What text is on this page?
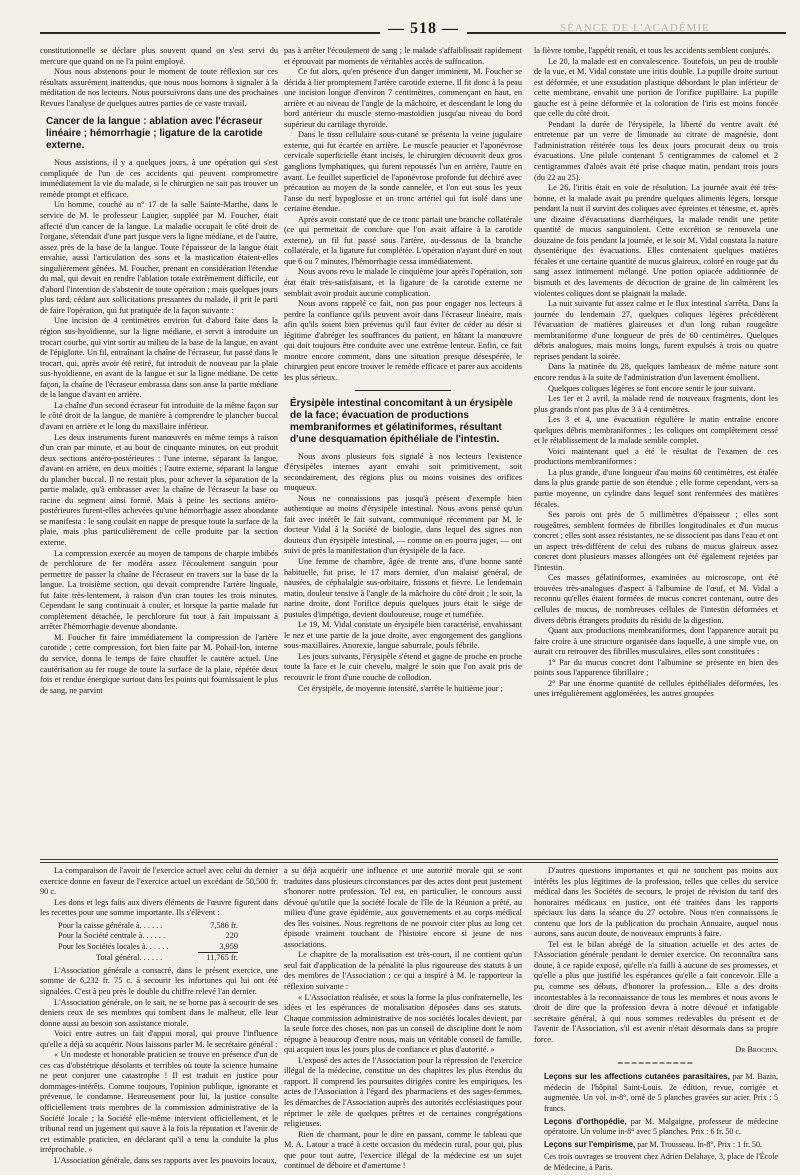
— 518 —	SÉANCE DE L'ACADÉMIE

constitutionnelle se déclare plus souvent quand on s'est servi du mercure que quand on ne l'a point employé.

Nous nous abstenons pour le moment de toute réflexion sur ces résultats assurément inattendus, que nous nous bornons à signaler à la méditation de nos lecteurs. Nous poursuivrons dans une des prochaines Revues l'analyse de quelques autres parties de ce vaste travail.

Cancer de la langue : ablation avec l'écraseur linéaire ; hémorrhagie ; ligature de la carotide externe.

Nous assistions, il y a quelques jours, à une opération qui s'est compliquée de l'un de ces accidents qui peuvent compromettre immédiatement la vie du malade, si le chirurgien ne sait pas trouver un remède prompt et efficace.

Un homme, couché au n° 17 de la salle Sainte-Marthe, dans le service de M. le professeur Laugier, suppléé par M. Foucher, était affecté d'un cancer de la langue. La maladie occupait le côté droit de l'organe, s'étendait d'une part jusque vers la ligne médiane, et de l'autre, assez près de la base de la langue. Toute l'épaisseur de la langue était envahie, aussi l'articulation des sons et la mastication étaient-elles singulièrement gênées. M. Foucher, prenant en considération l'étendue du mal, qui devait en rendre l'ablation totale extrêmement difficile, eut d'abord l'intention de s'abstenir de toute opération ; mais quelques jours plus tard, cédant aux sollicitations pressantes du malade, il prit le parti de faire l'opération, qui fut pratiquée de la façon suivante :

Une incision de 4 centimètres environ fut d'abord faite dans la région sus-hyoïdienne, sur la ligne médiane, et servit à introduire un trocart courbe, qui vint sortir au milieu de la base de la langue, en avant de l'épiglotte. Un fil, entraînant la chaîne de l'écraseur, fut passé dans le trocart, qui, après avoir été retiré, fut introduit de nouveau par la plaie sus-hyoïdienne, en avant de la langue et sur la ligne médiane. De cette façon, la chaîne de l'écraseur embrassa dans son anse la partie médiane de la langue d'avant en arrière.

La chaîne d'un second écraseur fut introduite de la même façon sur le côté droit de la langue, de manière à comprendre le plancher buccal d'avant en arrière et le long du maxillaire inférieur.

Les deux instruments furent manœuvrés en même temps à raison d'un cran par minute, et au bout de cinquante minutes, on eut produit deux sections antéro-postérieures : l'une interne, séparant la langue, d'avant en arrière, en deux moitiés ; l'autre externe, séparant la langue du plancher buccal. Il ne restait plus, pour achever la séparation de la partie malade, qu'à embrasser avec la chaîne de l'écraseur la base ou racine du segment ainsi formé. Mais à peine les sections antéro-postérieures furent-elles achevées qu'une hémorrhagie assez abondante se manifesta : le sang coulait en nappe de presque toute la surface de la plaie, mais plus particulièrement de celle produite par la section externe.

La compression exercée au moyen de tampons de charpie imbibés de perchlorure de fer modéra assez l'écoulement sanguin pour permettre de passer la chaîne de l'écraseur en travers sur la base de la langue. La troisième section, qui devait comprendre l'artère linguale, fut faite très-lentement, à raison d'un cran toutes les trois minutes. Cependant le sang continuait à couler, et lorsque la partie malade fut complètement détachée, le perchlorure fut tout à fait impuissant à arrêter l'hémorrhagie devenue abondante.

M. Foucher fit faire immédiatement la compression de l'artère carotide ; cette compression, fort bien faite par M. Pohail-lon, interne du service, donna le temps de faire chauffer le cautère actuel. Une cautérisation au fer rouge de toute la surface de la plaie, répétée deux fois et rendue énergique surtout dans les points qui fournissaient le plus de sang, ne parvint

pas à arrêter l'écoulement de sang ; le malade s'affaiblissait rapidement et éprouvait par moments de véritables accès de suffocation.

Ce fut alors, qu'en présence d'un danger imminent, M. Foucher se décida à lier promptement l'artère carotide externe. Il fit donc à la peau une incision longue d'environ 7 centimètres, commençant en haut, en arrière et au niveau de l'angle de la mâchoire, et descendant le long du bord antérieur du muscle sterno-mastoïdien jusqu'au niveau du bord supérieur du cartilage thyroïde.

Dans le tissu cellulaire sous-cutané se présenta la veine jugulaire externe, qui fut écartée en arrière. Le muscle peaucier et l'aponévrose cervicale superficielle étant incisés, le chirurgien découvrit deux gros ganglions lymphatiques, qui furent repoussés l'un en arrière, l'autre en avant. Le feuillet superficiel de l'aponévrose profonde fut déchiré avec précaution au moyen de la sonde cannelée, et l'on eut sous les yeux l'anse du nerf hypoglosse et un tronc artériel qui fut isolé dans une certaine étendue.

Après avoir constaté que de ce tronc partait une branche collatérale (ce qui permettait de conclure que l'on avait affaire à la carotide externe), un fil fut passé sous l'artère, au-dessous de la branche collatérale, et la ligature fut complétée. L'opération n'ayant duré en tout que 6 ou 7 minutes, l'hémorrhagie cessa immédiatement.

Nous avons revu le malade le cinquième jour après l'opération, son état était très-satisfaisant, et la ligature de la carotide externe ne semblait avoir produit aucune complication.

Nous avons rappelé ce fait, non pas pour engager nos lecteurs à perdre la confiance qu'ils peuvent avoir dans l'écraseur linéaire, mais afin qu'ils soient bien prévenus qu'il faut éviter de céder au désir si légitime d'abréger les souffrances du patient, en hâtant la manœuvre qui doit toujours être conduite avec une extrême lenteur. Enfin, ce fait montre encore comment, dans une situation presque désespérée, le chirurgien peut encore trouver le remède efficace et parer aux accidents les plus sérieux.

Érysipèle intestinal concomitant à un érysipèle de la face; évacuation de productions membraniformes et gélatiniformes, résultant d'une desquamation épithéliale de l'intestin.

Nous avons plusieurs fois signalé à nos lecteurs l'existence d'érysipèles internes ayant envahi soit primitivement, soit secondairement, des régions plus ou moins voisines des orifices muqueux.

Nous ne connaissions pas jusqu'à présent d'exemple bien authentique au moins d'érysipèle intestinal. Nous avons pensé qu'un fait avec intérêt le fait suivant, communiqué récemment par M. le docteur Vidal à la Société de biologie, dans lequel des signes non douteux d'un érysipèle intestinal, — comme on en pourra juger, — ont suivi de près la manifestation d'un érysipèle de la face.

Une femme de chambre, âgée de trente ans, d'une bonne santé habituelle, fut prise, le 17 mars dernier, d'un malaise général, de nausées, de céphalalgie sus-orbitaire, frissons et fièvre. Le lendemain matin, douleur tensive à l'angle de la mâchoire du côté droit ; le soir, la narine droite, dont l'orifice depuis quelques jours était le siége de pustules d'impétigo, devient douloureuse, rouge et tuméfiée.

Le 19, M. Vidal constate un érysipèle bien caractérisé, envahissant le nez et une partie de la joue droite, avec engorgement des ganglions sous-maxillaires. Anorexie, langue saburrale, pouls fébrile.

Les jours suivants, l'érysipèle s'étend et gagne de proche en proche toute la face et le cuir chevelu, malgré le soin que l'on avait pris de recouvrir le front d'une couche de collodion.

Cet érysipèle, de moyenne intensité, s'arrête le huitième jour ;

la fièvre tombe, l'appétit renaît, et tous les accidents semblent conjurés.

Le 20, la malade est en convalescence. Toutefois, un peu de trouble de la vue, et M. Vidal constate une iritis double. La pupille droite surtout est déformée, et une exsudation plastique débordant le plan inférieur de cette membrane, envahit une portion de l'orifice pupillaire. La pupille gauche est à peine déformée et la coloration de l'iris est moins foncée que celle du côté droit.

Pendant la durée de l'érysipèle, la liberté du ventre avait été entretenue par un verre de limonade au citrate de magnésie, dont l'administration réitérée tous les deux jours procurait deux ou trois évacuations. Une pilule contenant 5 centigrammes de calomel et 2 centigrammes d'aloès avait été prise chaque matin, pendant trois jours (du 22 au 25).

Le 26, l'iritis était en voie de résolution. La journée avait été très-bonne, et la malade avait pu prendre quelques aliments légers, lorsque pendant la nuit il survint des coliques avec épreintes et ténesme, et, après une dizaine d'évacuations diarrhéiques, la malade rendit une petite quantité de mucus sanguinolent. Cette excrétion se renouvela une douzaine de fois pendant la journée, et le soir M. Vidal constata la nature dysentérique des évacuations. Elles contenaient quelques matières fécales et une certaine quantité de mucus glaireux, coloré en rouge par du sang assez intimement mélangé. Une potion opiacée additionnée de bismuth et des lavements de décoction de graine de lin calmèrent les violentes coliques dont se plaignait la malade.

La nuit suivante fut assez calme et le flux intestinal s'arrêta. Dans la journée du lendemain 27, quelques coliques légères précédèrent l'évacuation de matières glaireuses et d'un long ruban rougeâtre membraniforme d'une longueur de près de 60 centimètres. Quelques débris analogues, mais moins longs, furent expulsés à trois ou quatre reprises pendant la soirée.

Dans la matinée du 28, quelques lambeaux de même nature sont encore rendus à la suite de l'administration d'un lavement émollient.

Quelques coliques légères se font encore sentir le jour suivant.

Les 1er et 2 avril, la malade rend de nouveaux fragments, dont les plus grands n'ont pas plus de 3 à 4 centimètres.

Les 3 et 4, une évacuation régulière le matin entraîne encore quelques débris membraniformes ; les coliques ont complètement cessé et le rétablissement de la malade semble complet.

Voici maintenant quel a été le résultat de l'examen de ces productions membraniformes :

La plus grande, d'une longueur d'au moins 60 centimètres, est étalée dans la plus grande partie de son étendue ; elle forme cependant, vers sa partie moyenne, un cylindre dans lequel sont renfermées des matières fécales.

Ses parois ont près de 5 millimètres d'épaisseur ; elles sont rougeâtres, semblent formées de fibrilles longitudinales et d'un mucus concret ; elles sont assez résistantes, ne se dissocient pas dans l'eau et ont un aspect très-différent de celui des rubans de mucus glaireux assez concret dont plusieurs masses allongées ont été également rejetées par l'intestin.

Ces masses gélatiniformes, examinées au microscope, ont été trouvées très-analogues d'aspect à l'albumine de l'œuf, et M. Vidal a reconnu qu'elles étaient formées de mucus concret contenant, outre des cellules de mucus, de nombreuses cellules de l'intestin déformées et divers débris étrangers produits du résidu de la digestion.

Quant aux productions membraniformes, dont l'apparence aurait pu faire croire à une structure organisée dans laquelle, à une simple vue, on aurait cru retrouver des fibrilles musculaires, elles sont constituées :

1° Par du mucus concret dont l'albumine se présente en bien des points sous l'apparence fibrillaire ;

2° Par une énorme quantité de cellules épithéliales déformées, les unes irrégulièrement agglomérées, les autres groupées

La comparaison de l'avoir de l'exercice actuel avec celui du dernier exercice donne en faveur de l'exercice actuel un excédant de 50,500 fr. 90 c.

Les dons et legs faits aux divers éléments de l'œuvre figurent dans les recettes pour une somme importante. Ils s'élèvent :

Pour la caisse générale à. . . . . .	7,586 fr.
Pour la Société centrale à. . . . . .	220
Pour les Sociétés locales à. . . . . .	3,959
Total général. . . . . .	11,765 fr.

L'Association générale a consacré, dans le présent exercice, une somme de 6,232 fr. 75 c. à secourir les infortunes qui lui ont été signalées. C'est à peu près le double du chiffre relevé l'an dernier.

L'Association générale, on le sait, ne se borne pas à secourir de ses deniers ceux de ses membres qui tombent dans le malheur, elle leur donne aussi au besoin son assistance morale.

Voici entre autres un fait d'appui moral, qui prouve l'influence qu'elle a déjà su acquérir. Nous laissons parler M. le secrétaire général :

« Un modeste et honorable praticien se trouve en présence d'un de ces cas d'obstétrique désolants et terribles où toute la science humaine ne peut conjurer une catastrophe ! Il est traduit en justice pour dommages-intérêts. Comme toujours, l'opinion publique, ignorante et prévenue, le condamne. Heureusement pour lui, la justice consulte officiellement trois membres de la commission administrative de la Société locale ; la Société elle-même intervient officiellement, et le tribunal rend un jugement qui sauve à la fois la réputation et l'avenir de cet estimable praticien, en déclarant qu'il a tenu la conduite la plus irréprochable. »

L'Association générale, dans ses rapports avec les pouvoirs locaux,

a su déjà acquérir une influence et une autorité morale qui se sont traduites dans plusieurs circonstances par des actes dont peut justement s'honorer notre profession. Tel est, en particulier, le concours aussi dévoué qu'utile que la société locale de l'île de la Réunion a prêté, au milieu d'une grave épidémie, aux gouvernements et au corps médical des îles voisines. Nous regrettons de ne pouvoir citer plus au long cet épisode vraiment touchant de l'histoire encore si jeune de nos associations.

Le chapitre de la moralisation est très-court, il ne contient qu'un seul fait d'application de la pénalité la plus rigoureuse des statuts à un des membres de l'Association ; ce qui a inspiré à M. le rapporteur la réflexion suivante :

« L'Association réalisée, et sous la forme la plus confraternelle, les idées et les espérances de moralisation déposées dans ses statuts. Chaque commission administrative de nos sociétés locales devient, par la seule force des choses, non pas un conseil de discipline dont le nom répugne à beaucoup d'entre nous, mais un véritable conseil de famille, qui acquiert tous les jours plus de confiance et plus d'autorité. »

L'exposé des actes de l'Association pour la répression de l'exercice illégal de la médecine, constitue un des chapitres les plus étendus du rapport. Il comprend les poursuites dirigées contre les empiriques, les actes de l'Association à l'égard des pharmaciens et des sages-femmes, les démarches de l'Association auprès des autorités ecclésiastiques pour réprimer le zèle de quelques prêtres et de certaines congrégations religieuses.

Rien de charmant, pour le dire en passant, comme le tableau que M. A. Latour a tracé à cette occasion du médecin rural, pour qui, plus que pour tout autre, l'exercice illégal de la médecine est un sujet continuel de déboire et d'amertume !

D'autres questions importantes et qui ne touchent pas moins aux intérêts les plus légitimes de la profession, telles que celles du service médical dans les Sociétés de secours, le projet de révision du tarif des honoraires médicaux en justice, ont été traitées dans les rapports spéciaux lus dans la séance du 27 octobre. Nous n'en connaissons le contenu que lors de la publication du prochain Annuaire, auquel nous aurons, sans aucun doute, de nouveaux emprunts à faire.

Tel est le bilan abrégé de la situation actuelle et des actes de l'Association générale pendant le dernier exercice. On reconnaîtra sans doute, à ce rapide exposé, qu'elle n'a failli à aucune de ses promesses, et qu'elle a plus que justifié les espérances qu'elle a fait concevoir. Elle a pu, comme ses débuts, d'honorer la profession... Elle a des droits incontestables à la reconnaissance de tous les membres et nous avons le droit de dire que la profession devra à notre dévoué et infatigable secrétaire général, à qui nous sommes redevables du présent et de l'avenir de l'Association, s'il est avenir n'était désormais dans sa propre force.

Dr Brochin.
═══════════

Leçons sur les affections cutanées parasitaires, par M. Bazin, médecin de l'hôpital Saint-Louis. 2e édition, revue, corrigée et augmentée. Un vol. in-8°, orné de 5 planches gravées sur acier. Prix : 5 francs.

Leçons d'orthopédie, par M. Malgaigne, professeur de médecine opératoire. Un volume in-8° avec 5 planches. Prix : 6 fr. 50 c.

Leçons sur l'empirisme, par M. Trousseau. In-8°. Prix : 1 fr. 50.

Ces trois ouvrages se trouvent chez Adrien Delahaye, 3, place de l'École de Médecine, à Paris.
